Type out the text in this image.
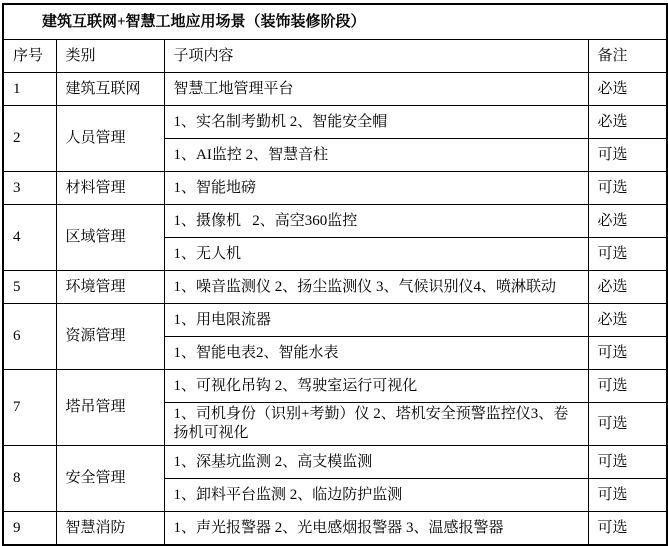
建筑互联网+智慧工地应用场景（装饰装修阶段）			
序号	类别	子项内容	备注
1	建筑互联网	智慧工地管理平台	必选
2	人员管理	1、实名制考勤机 2、智能安全帽	必选
		1、AI监控 2、智慧音柱	可选
3	材料管理	1、智能地磅	可选
4	区域管理	1、摄像机   2、高空360监控	必选
		1、无人机	可选
5	环境管理	1、噪音监测仪 2、扬尘监测仪 3、气候识别仪4、喷淋联动	必选
6	资源管理	1、用电限流器	必选
		1、智能电表2、智能水表	可选
7	塔吊管理	1、可视化吊钩 2、驾驶室运行可视化	可选
		1、司机身份（识别+考勤）仪 2、塔机安全预警监控仪3、卷扬机可视化	可选
8	安全管理	1、深基坑监测 2、高支模监测	可选
		1、卸料平台监测 2、临边防护监测	可选
9	智慧消防	1、声光报警器 2、光电感烟报警器 3、温感报警器	可选
